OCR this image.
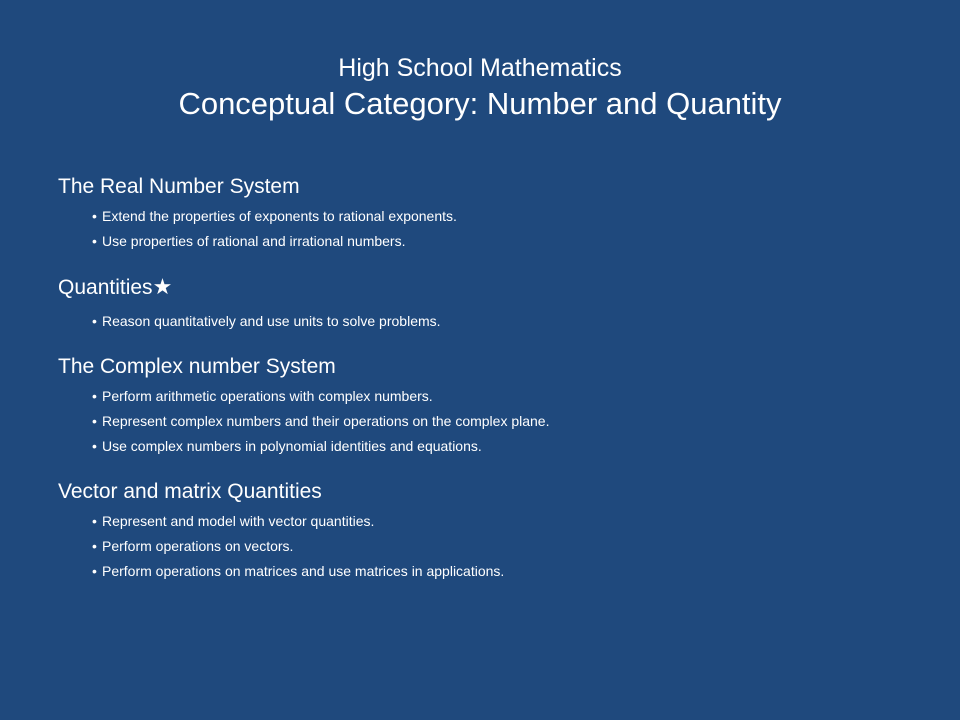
High School Mathematics

Conceptual Category: Number and Quantity

The Real Number System

• Extend the properties of exponents to rational exponents.
• Use properties of rational and irrational numbers.

Quantities★

• Reason quantitatively and use units to solve problems.

The Complex number System

• Perform arithmetic operations with complex numbers.
• Represent complex numbers and their operations on the complex plane.
• Use complex numbers in polynomial identities and equations.

Vector and matrix Quantities

• Represent and model with vector quantities.
• Perform operations on vectors.
• Perform operations on matrices and use matrices in applications.
